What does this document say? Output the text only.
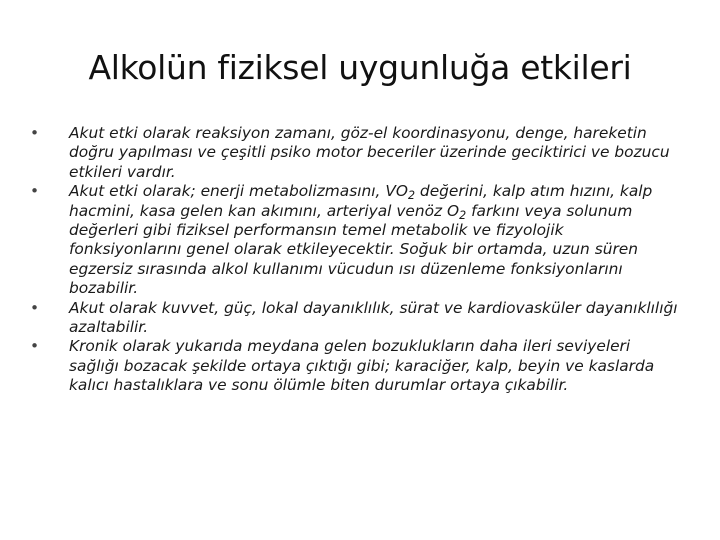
Alkolün fiziksel uygunluğa etkileri
• Akut etki olarak reaksiyon zamanı, göz-el koordinasyonu, denge, hareketin doğru yapılması ve çeşitli psiko motor beceriler üzerinde geciktirici ve bozucu etkileri vardır.
• Akut etki olarak; enerji metabolizmasını, $VO_2$ değerini, kalp atım hızını, kalp hacmini, kasa gelen kan akımını, arteriyal venöz $O_2$ farkını veya solunum değerleri gibi fiziksel performansın temel metabolik ve fizyolojik fonksiyonlarını genel olarak etkileyecektir. Soğuk bir ortamda, uzun süren egzersiz sırasında alkol kullanımı vücudun ısı düzenleme fonksiyonlarını bozabilir.
• Akut olarak kuvvet, güç, lokal dayanıklılık, sürat ve kardiovasküler dayanıklılığı azaltabilir.
• Kronik olarak yukarıda meydana gelen bozuklukların daha ileri seviyeleri sağlığı bozacak şekilde ortaya çıktığı gibi; karaciğer, kalp, beyin ve kaslarda kalıcı hastalıklara ve sonu ölümle biten durumlar ortaya çıkabilir.
